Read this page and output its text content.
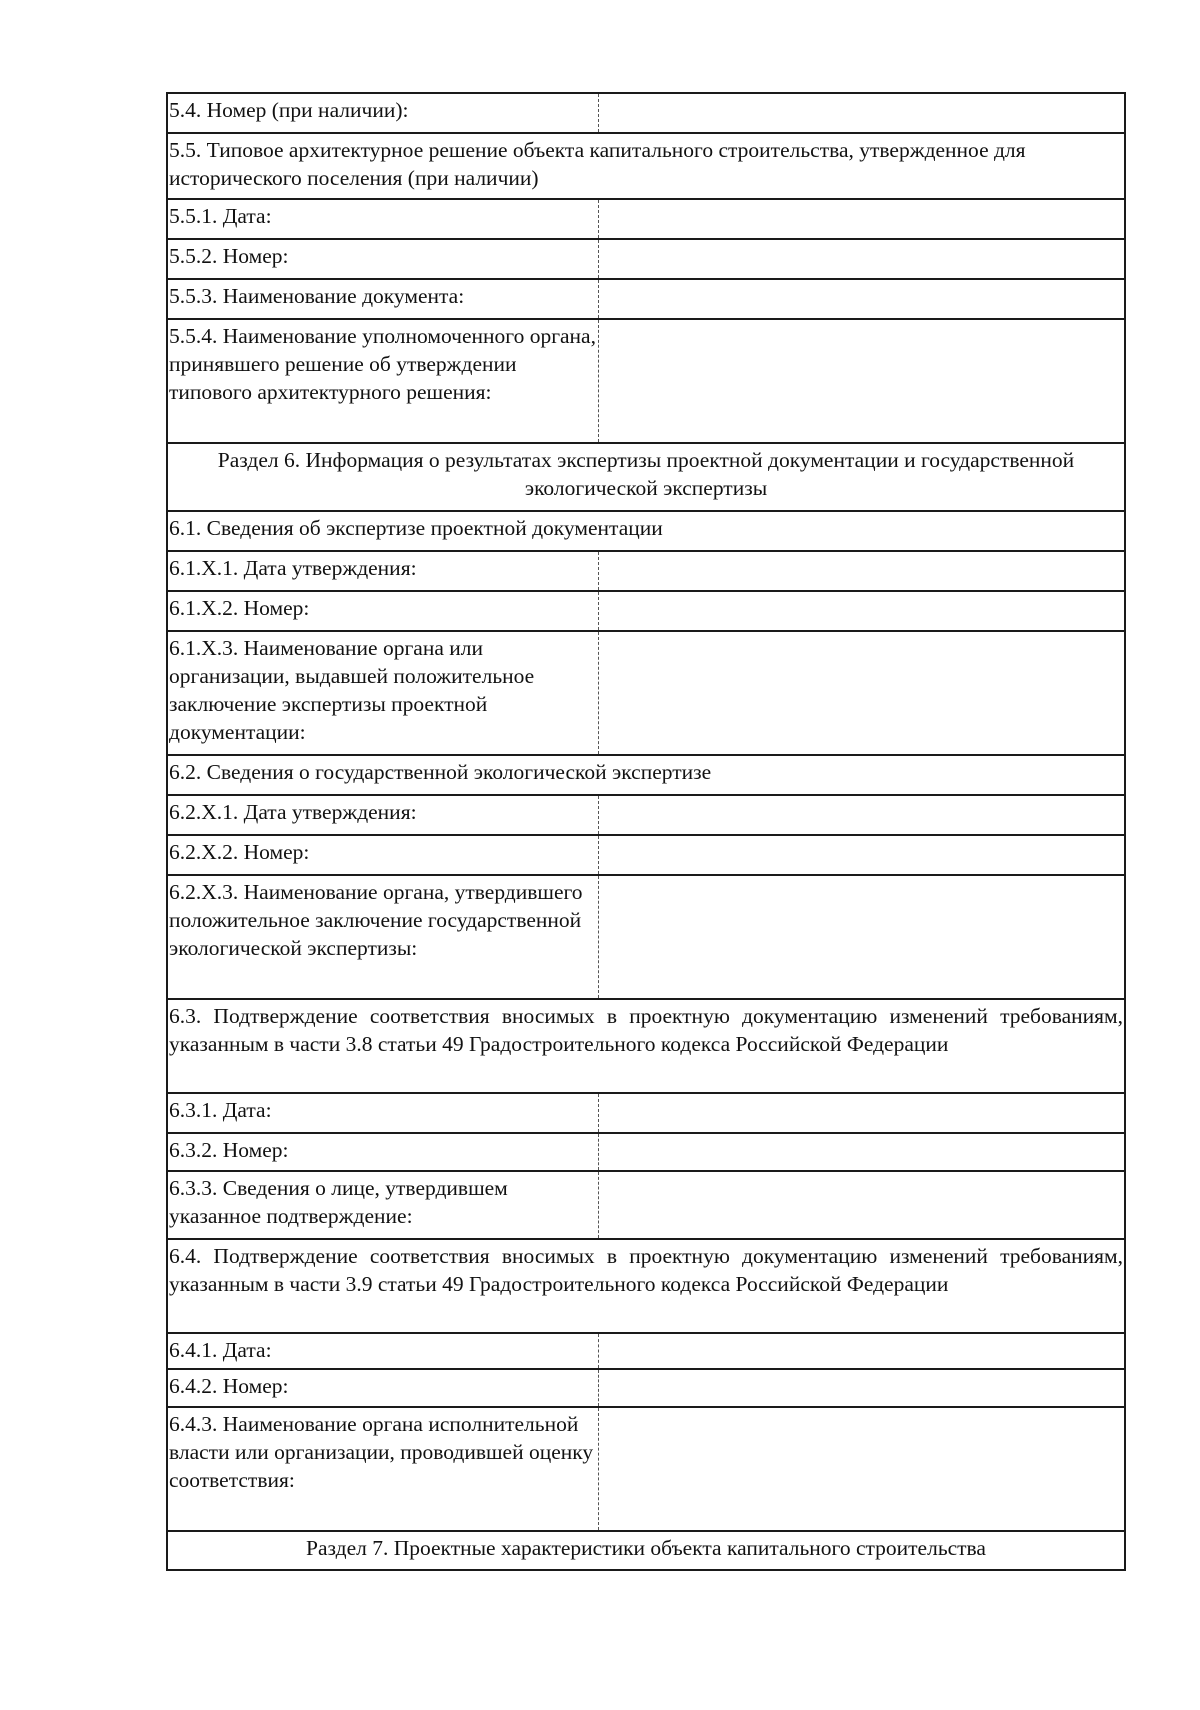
5.4. Номер (при наличии):
5.5. Типовое архитектурное решение объекта капитального строительства, утвержденное для исторического поселения (при наличии)
5.5.1. Дата:
5.5.2. Номер:
5.5.3. Наименование документа:
5.5.4. Наименование уполномоченного органа, принявшего решение об утверждении типового архитектурного решения:
Раздел 6. Информация о результатах экспертизы проектной документации и государственной экологической экспертизы
6.1. Сведения об экспертизе проектной документации
6.1.X.1. Дата утверждения:
6.1.X.2. Номер:
6.1.X.3. Наименование органа или организации, выдавшей положительное заключение экспертизы проектной документации:
6.2. Сведения о государственной экологической экспертизе
6.2.X.1. Дата утверждения:
6.2.X.2. Номер:
6.2.X.3. Наименование органа, утвердившего положительное заключение государственной экологической экспертизы:
6.3. Подтверждение соответствия вносимых в проектную документацию изменений требованиям, указанным в части 3.8 статьи 49 Градостроительного кодекса Российской Федерации
6.3.1. Дата:
6.3.2. Номер:
6.3.3. Сведения о лице, утвердившем указанное подтверждение:
6.4. Подтверждение соответствия вносимых в проектную документацию изменений требованиям, указанным в части 3.9 статьи 49 Градостроительного кодекса Российской Федерации
6.4.1. Дата:
6.4.2. Номер:
6.4.3. Наименование органа исполнительной власти или организации, проводившей оценку соответствия:
Раздел 7. Проектные характеристики объекта капитального строительства
